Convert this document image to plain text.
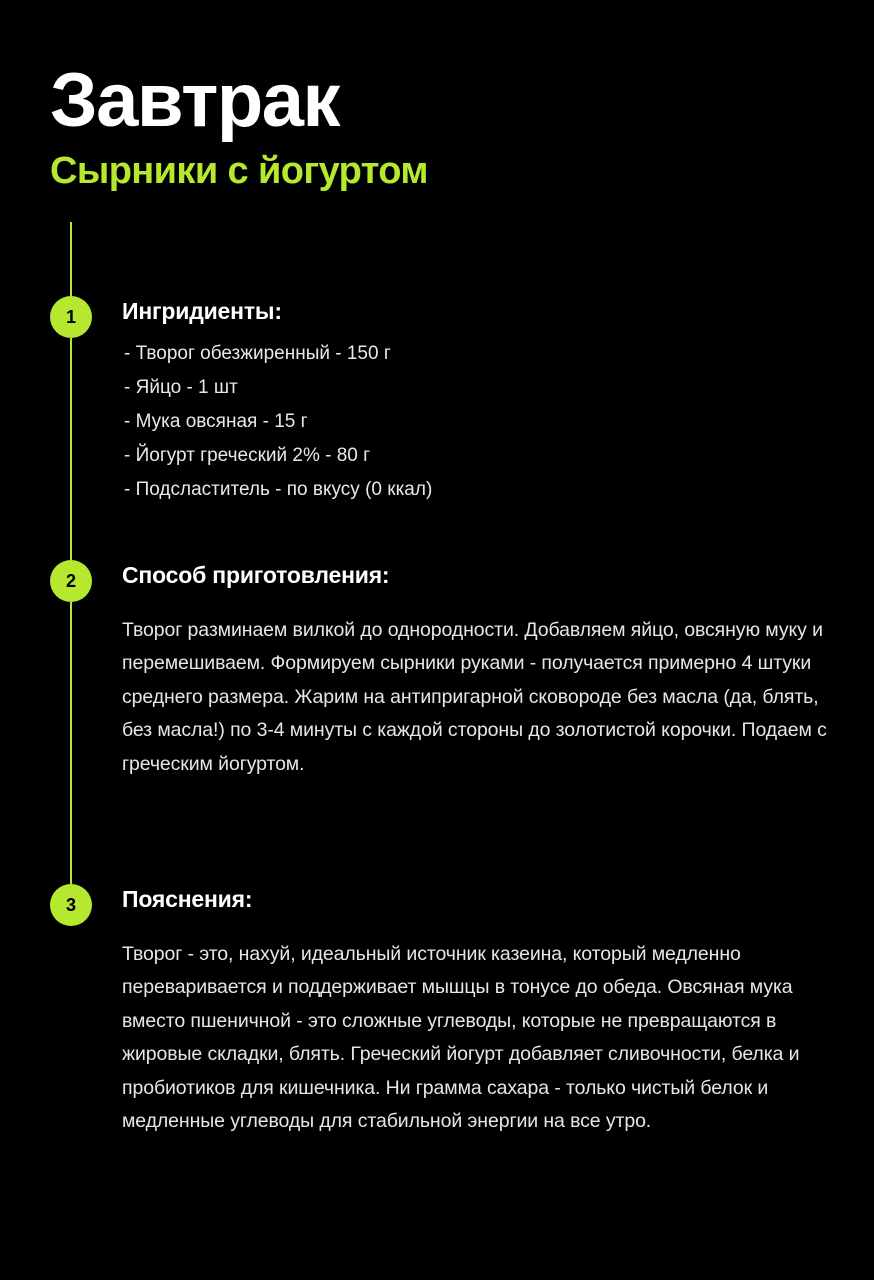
Завтрак
Сырники с йогуртом
1	Ингридиенты:
- Творог обезжиренный - 150 г
- Яйцо - 1 шт
- Мука овсяная - 15 г
- Йогурт греческий 2% - 80 г
- Подсластитель - по вкусу (0 ккал)
2	Способ приготовления:

Творог разминаем вилкой до однородности. Добавляем яйцо, овсяную муку и перемешиваем. Формируем сырники руками - получается примерно 4 штуки среднего размера. Жарим на антипригарной сковороде без масла (да, блять, без масла!) по 3-4 минуты с каждой стороны до золотистой корочки. Подаем с греческим йогуртом.

3	Пояснения:

Творог - это, нахуй, идеальный источник казеина, который медленно переваривается и поддерживает мышцы в тонусе до обеда. Овсяная мука вместо пшеничной - это сложные углеводы, которые не превращаются в жировые складки, блять. Греческий йогурт добавляет сливочности, белка и пробиотиков для кишечника. Ни грамма сахара - только чистый белок и медленные углеводы для стабильной энергии на все утро.
